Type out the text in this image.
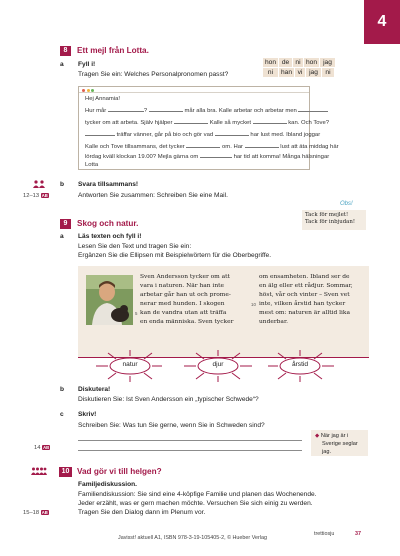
4
8	Ett mejl från Lotta.
a Fyll i!
Tragen Sie ein: Welches Personalpronomen passt?
hon de ni hon jag
ni	han vi	jag	ni
Hej Annamia!
Hur mår	?	mår alla bra. Kalle arbetar och arbetar men
tycker om att arbeta. Själv hjälper	Kalle så mycket	kan. Och Tove?
träffar vänner, går på bio och gör vad	har lust med. Ibland joggar
Kalle och Tove tillsammans, det tycker	om. Har	lust att äta middag här
lördag kväll klockan 19.00? Mejla gärna om	har tid att komma! Många hälsningar
Lotta
b Svara tillsammans!
Antworten Sie zusammen: Schreiben Sie eine Mail.
12–13 AB
Obs!
Tack för mejlet!
Tack för inbjudan!
9	Skog och natur.
a Läs texten och fyll i!
Lesen Sie den Text und tragen Sie ein:
Ergänzen Sie die Ellipsen mit Beispielwörtern für die Oberbegriffe.
Sven Andersson tycker om att
vara i naturen. När han inte
arbetar går han ut och prome-
nerar med hunden. I skogen
kan de vandra utan att träffa
en enda människa. Sven tycker
5
om ensamheten. Ibland ser de
en älg eller ett rådjur. Sommar,
höst, vår och vinter – Sven vet
inte, vilken årstid han tycker
mest om: naturen är alltid lika
underbar.
10
natur	djur	årstid
b Diskutera!
Diskutieren Sie: Ist Sven Andersson ein „typischer Schwede“?
c Skriv!
Schreiben Sie: Was tun Sie gerne, wenn Sie in Schweden sind?
14 AB
◆ När jag är i
Sverige seglar jag.
10 Vad gör vi till helgen?
Familjediskussion.
Familiendiskussion: Sie sind eine 4-köpfige Familie und planen das Wochenende.
Jeder erzählt, was er gern machen möchte. Versuchen Sie sich einig zu werden.
Tragen Sie den Dialog dann im Plenum vor.
15–18 AB
Javisst! aktuell A1, ISBN 978-3-19-105405-2, © Hueber Verlag
trettiosju	37
